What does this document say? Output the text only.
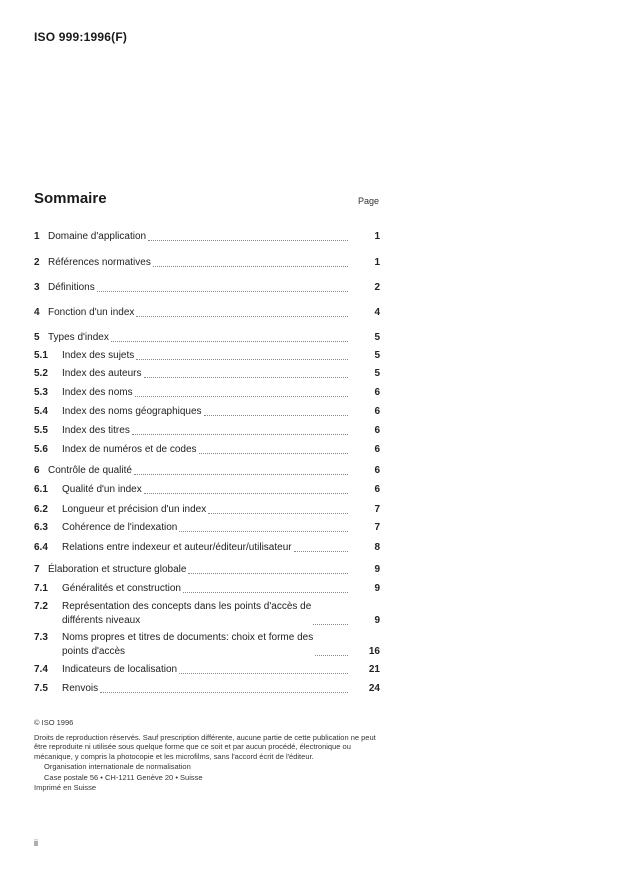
ISO 999:1996(F)
Sommaire	Page
1 Domaine d'application	1
2 Références normatives	1
3 Définitions	2
4 Fonction d'un index	4
5 Types d'index	5
5.1	Index des sujets	5
5.2	Index des auteurs	5
5.3	Index des noms	6
5.4	Index des noms géographiques	6
5.5	Index des titres	6
5.6	Index de numéros et de codes	6
6 Contrôle de qualité	6
6.1	Qualité d'un index	6
6.2	Longueur et précision d'un index	7
6.3	Cohérence de l'indexation	7
6.4	Relations entre indexeur et auteur/éditeur/utilisateur	8
7 Élaboration et structure globale	9
7.1	Généralités et construction	9
7.2	Représentation des concepts dans les points d'accès de
différents niveaux	9
7.3	Noms propres et titres de documents: choix et forme des
points d'accès	16
7.4	Indicateurs de localisation	21
7.5	Renvois	24

© ISO 1996

Droits de reproduction réservés. Sauf prescription différente, aucune partie de cette publication ne peut être reproduite ni utilisée sous quelque forme que ce soit et par aucun procédé, électronique ou mécanique, y compris la photocopie et les microfilms, sans l'accord écrit de l'éditeur.

Organisation internationale de normalisation

Case postale 56 • CH-1211 Genève 20 • Suisse

Imprimé en Suisse

ii
